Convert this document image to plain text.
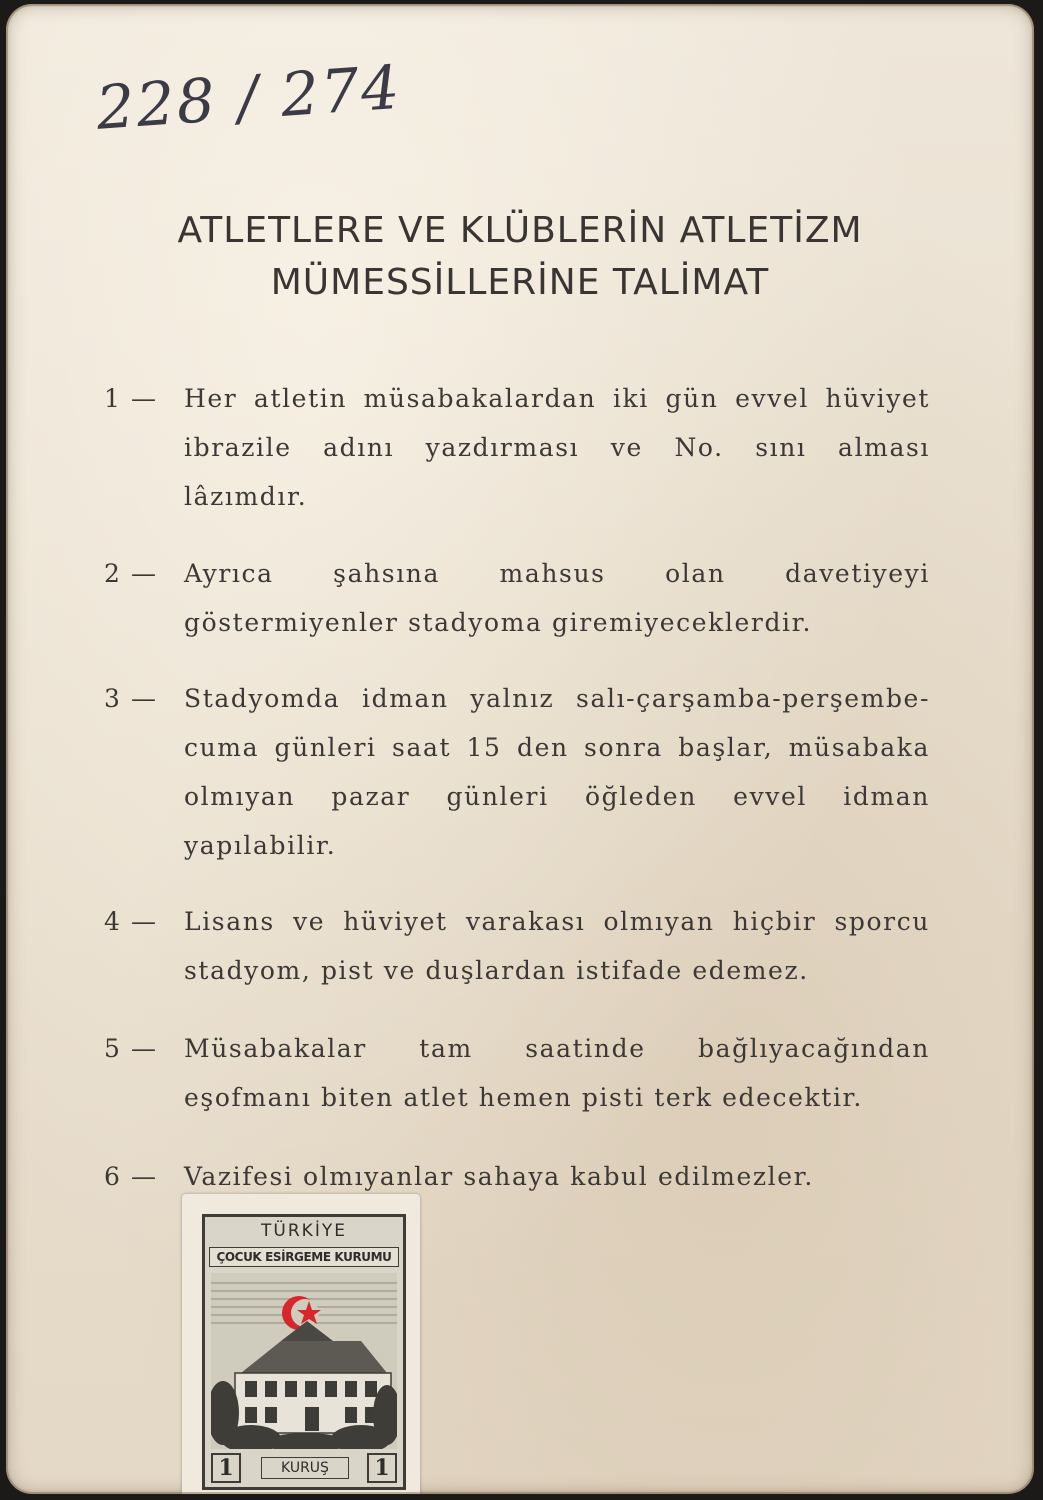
228 / 274
ATLETLERE VE KLÜBLERİN ATLETİZM
MÜMESSİLLERİNE TALİMAT
1 —	Her atletin müsabakalardan iki gün evvel hüviyet ibrazile adını yazdırması ve No. sını alması lâzımdır.
2 —	Ayrıca şahsına mahsus olan davetiyeyi göstermiyenler stadyoma giremiyeceklerdir.
3 —	Stadyomda idman yalnız salı-çarşamba-perşembe-cuma günleri saat 15 den sonra başlar, müsabaka olmıyan pazar günleri öğleden evvel idman yapılabilir.
4 —	Lisans ve hüviyet varakası olmıyan hiçbir sporcu stadyom, pist ve duşlardan istifade edemez.
5 —	Müsabakalar tam saatinde bağlıyacağından eşofmanı biten atlet hemen pisti terk edecektir.
6 —	Vazifesi olmıyanlar sahaya kabul edilmezler.
TÜRKİYE
ÇOCUK ESİRGEME KURUMU
1	KURUŞ	1
